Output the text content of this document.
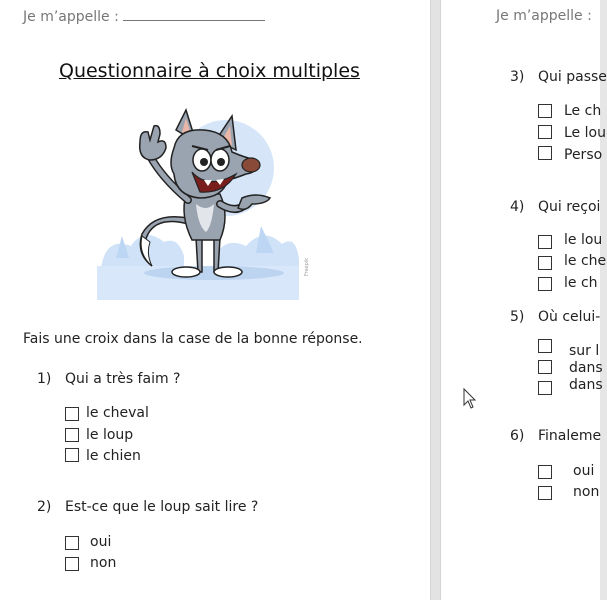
Je m’appelle :
Questionnaire à choix multiples
Freepik
Fais une croix dans la case de la bonne réponse.
1) Qui a très faim ?
le cheval
le loup
le chien
2) Est-ce que le loup sait lire ?
oui
non
Je m’appelle :
3) Qui passe
Le ch
Le lou
Perso
4) Qui reçoi
le lou
le che
le ch
5) Où celui-
sur l
dans
dans
6) Finaleme
oui
non
